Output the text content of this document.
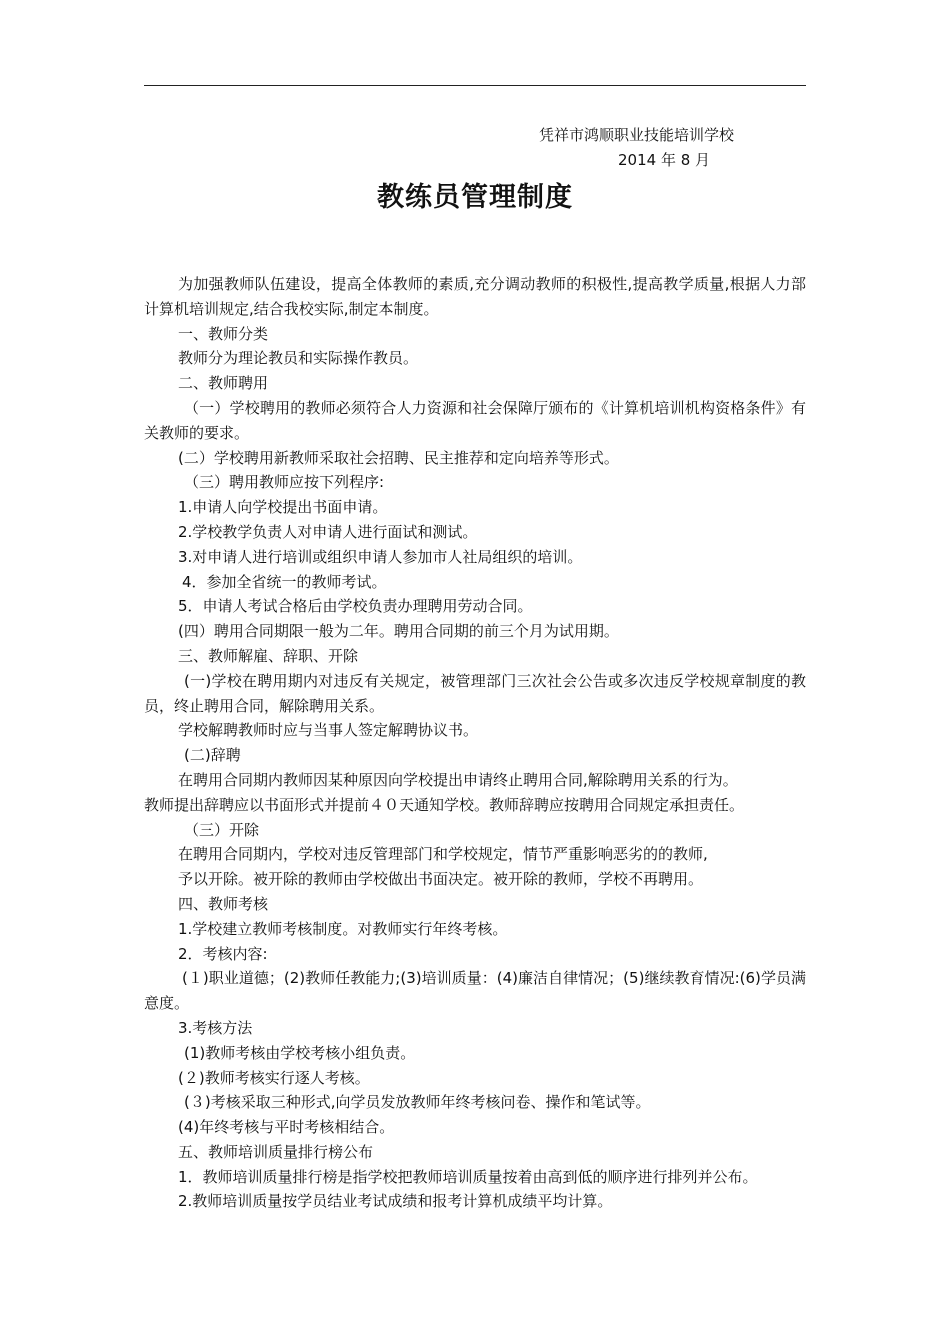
凭祥市鸿顺职业技能培训学校
2014 年 8 月
教练员管理制度

为加强教师队伍建设，提高全体教师的素质,充分调动教师的积极性,提高教学质量,根据人力部计算机培训规定,结合我校实际,制定本制度。

一、教师分类

教师分为理论教员和实际操作教员。

二、教师聘用

（一）学校聘用的教师必须符合人力资源和社会保障厅颁布的《计算机培训机构资格条件》有关教师的要求。

(二）学校聘用新教师采取社会招聘、民主推荐和定向培养等形式。

（三）聘用教师应按下列程序:

1.申请人向学校提出书面申请。

2.学校教学负责人对申请人进行面试和测试。

3.对申请人进行培训或组织申请人参加市人社局组织的培训。

4．参加全省统一的教师考试。

5．申请人考试合格后由学校负责办理聘用劳动合同。

(四）聘用合同期限一般为二年。聘用合同期的前三个月为试用期。

三、教师解雇、辞职、开除

(一)学校在聘用期内对违反有关规定，被管理部门三次社会公告或多次违反学校规章制度的教员，终止聘用合同，解除聘用关系。

学校解聘教师时应与当事人签定解聘协议书。

(二)辞聘

在聘用合同期内教师因某种原因向学校提出申请终止聘用合同,解除聘用关系的行为。

教师提出辞聘应以书面形式并提前４０天通知学校。教师辞聘应按聘用合同规定承担责任。

（三）开除

在聘用合同期内，学校对违反管理部门和学校规定，情节严重影响恶劣的的教师,

予以开除。被开除的教师由学校做出书面决定。被开除的教师，学校不再聘用。

四、教师考核

1.学校建立教师考核制度。对教师实行年终考核。

2．考核内容:

(１)职业道德；(2)教师任教能力;(3)培训质量：(4)廉洁自律情况；(5)继续教育情况:(6)学员满意度。

3.考核方法

(1)教师考核由学校考核小组负责。

(２)教师考核实行逐人考核。

(３)考核采取三种形式,向学员发放教师年终考核问卷、操作和笔试等。

(4)年终考核与平时考核相结合。

五、教师培训质量排行榜公布

1．教师培训质量排行榜是指学校把教师培训质量按着由高到低的顺序进行排列并公布。

2.教师培训质量按学员结业考试成绩和报考计算机成绩平均计算。
